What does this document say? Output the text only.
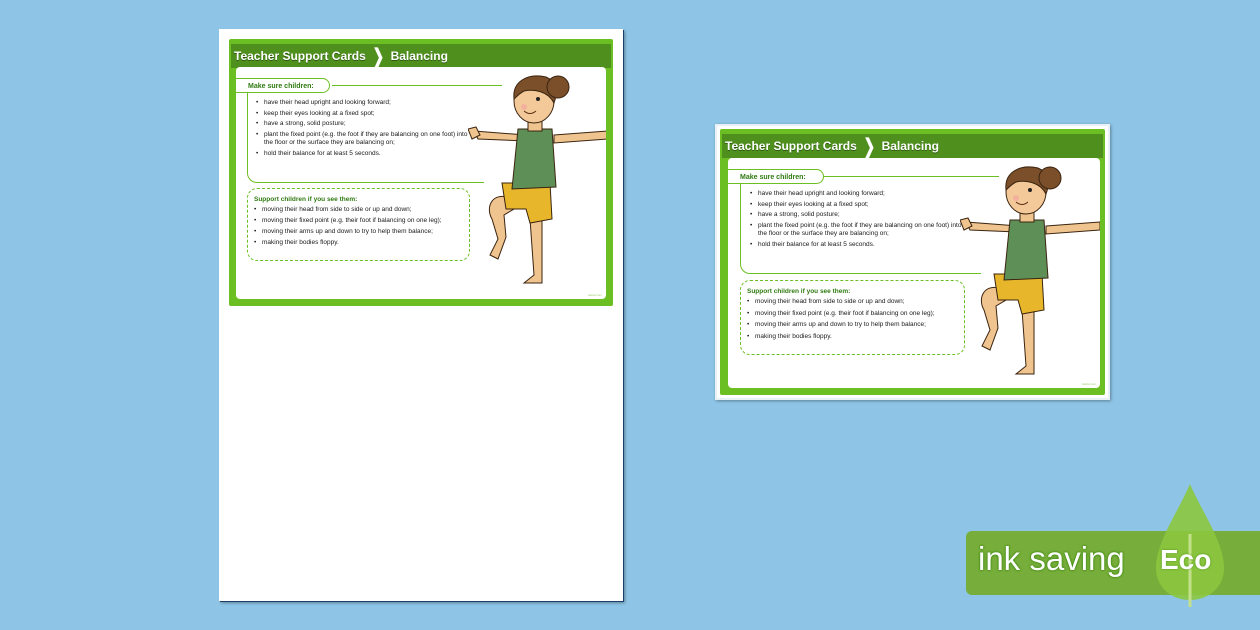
Teacher Support Cards ❯ Balancing
Make sure children:
• have their head upright and looking forward;
• keep their eyes looking at a fixed spot;
• have a strong, solid posture;
• plant the fixed point (e.g. the foot if they are balancing on one foot) into the floor or the surface they are balancing on;
• hold their balance for at least 5 seconds.
Support children if you see them:
• moving their head from side to side or up and down;
• moving their fixed point (e.g. their foot if balancing on one leg);
• moving their arms up and down to try to help them balance;
• making their bodies floppy.
twinkl.com
Teacher Support Cards ❯ Balancing
Make sure children:
• have their head upright and looking forward;
• keep their eyes looking at a fixed spot;
• have a strong, solid posture;
• plant the fixed point (e.g. the foot if they are balancing on one foot) into the floor or the surface they are balancing on;
• hold their balance for at least 5 seconds.
Support children if you see them:
• moving their head from side to side or up and down;
• moving their fixed point (e.g. their foot if balancing on one leg);
• moving their arms up and down to try to help them balance;
• making their bodies floppy.
twinkl.com
ink saving Eco
